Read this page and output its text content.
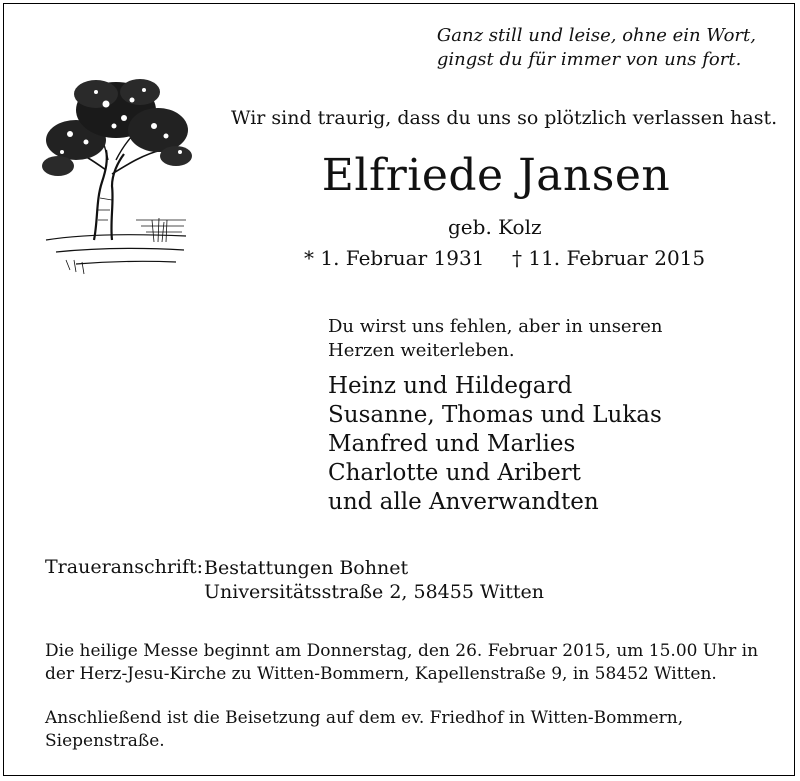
Ganz still und leise, ohne ein Wort,
gingst du für immer von uns fort.
Wir sind traurig, dass du uns so plötzlich verlassen hast.
Elfriede Jansen
geb. Kolz
* 1. Februar 1931 † 11. Februar 2015
Du wirst uns fehlen, aber in unseren
Herzen weiterleben.
Heinz und Hildegard
Susanne, Thomas und Lukas
Manfred und Marlies
Charlotte und Aribert
und alle Anverwandten
Traueranschrift: Bestattungen Bohnet
Universitätsstraße 2, 58455 Witten
Die heilige Messe beginnt am Donnerstag, den 26. Februar 2015, um 15.00 Uhr in
der Herz-Jesu-Kirche zu Witten-Bommern, Kapellenstraße 9, in 58452 Witten.
Anschließend ist die Beisetzung auf dem ev. Friedhof in Witten-Bommern,
Siepenstraße.
